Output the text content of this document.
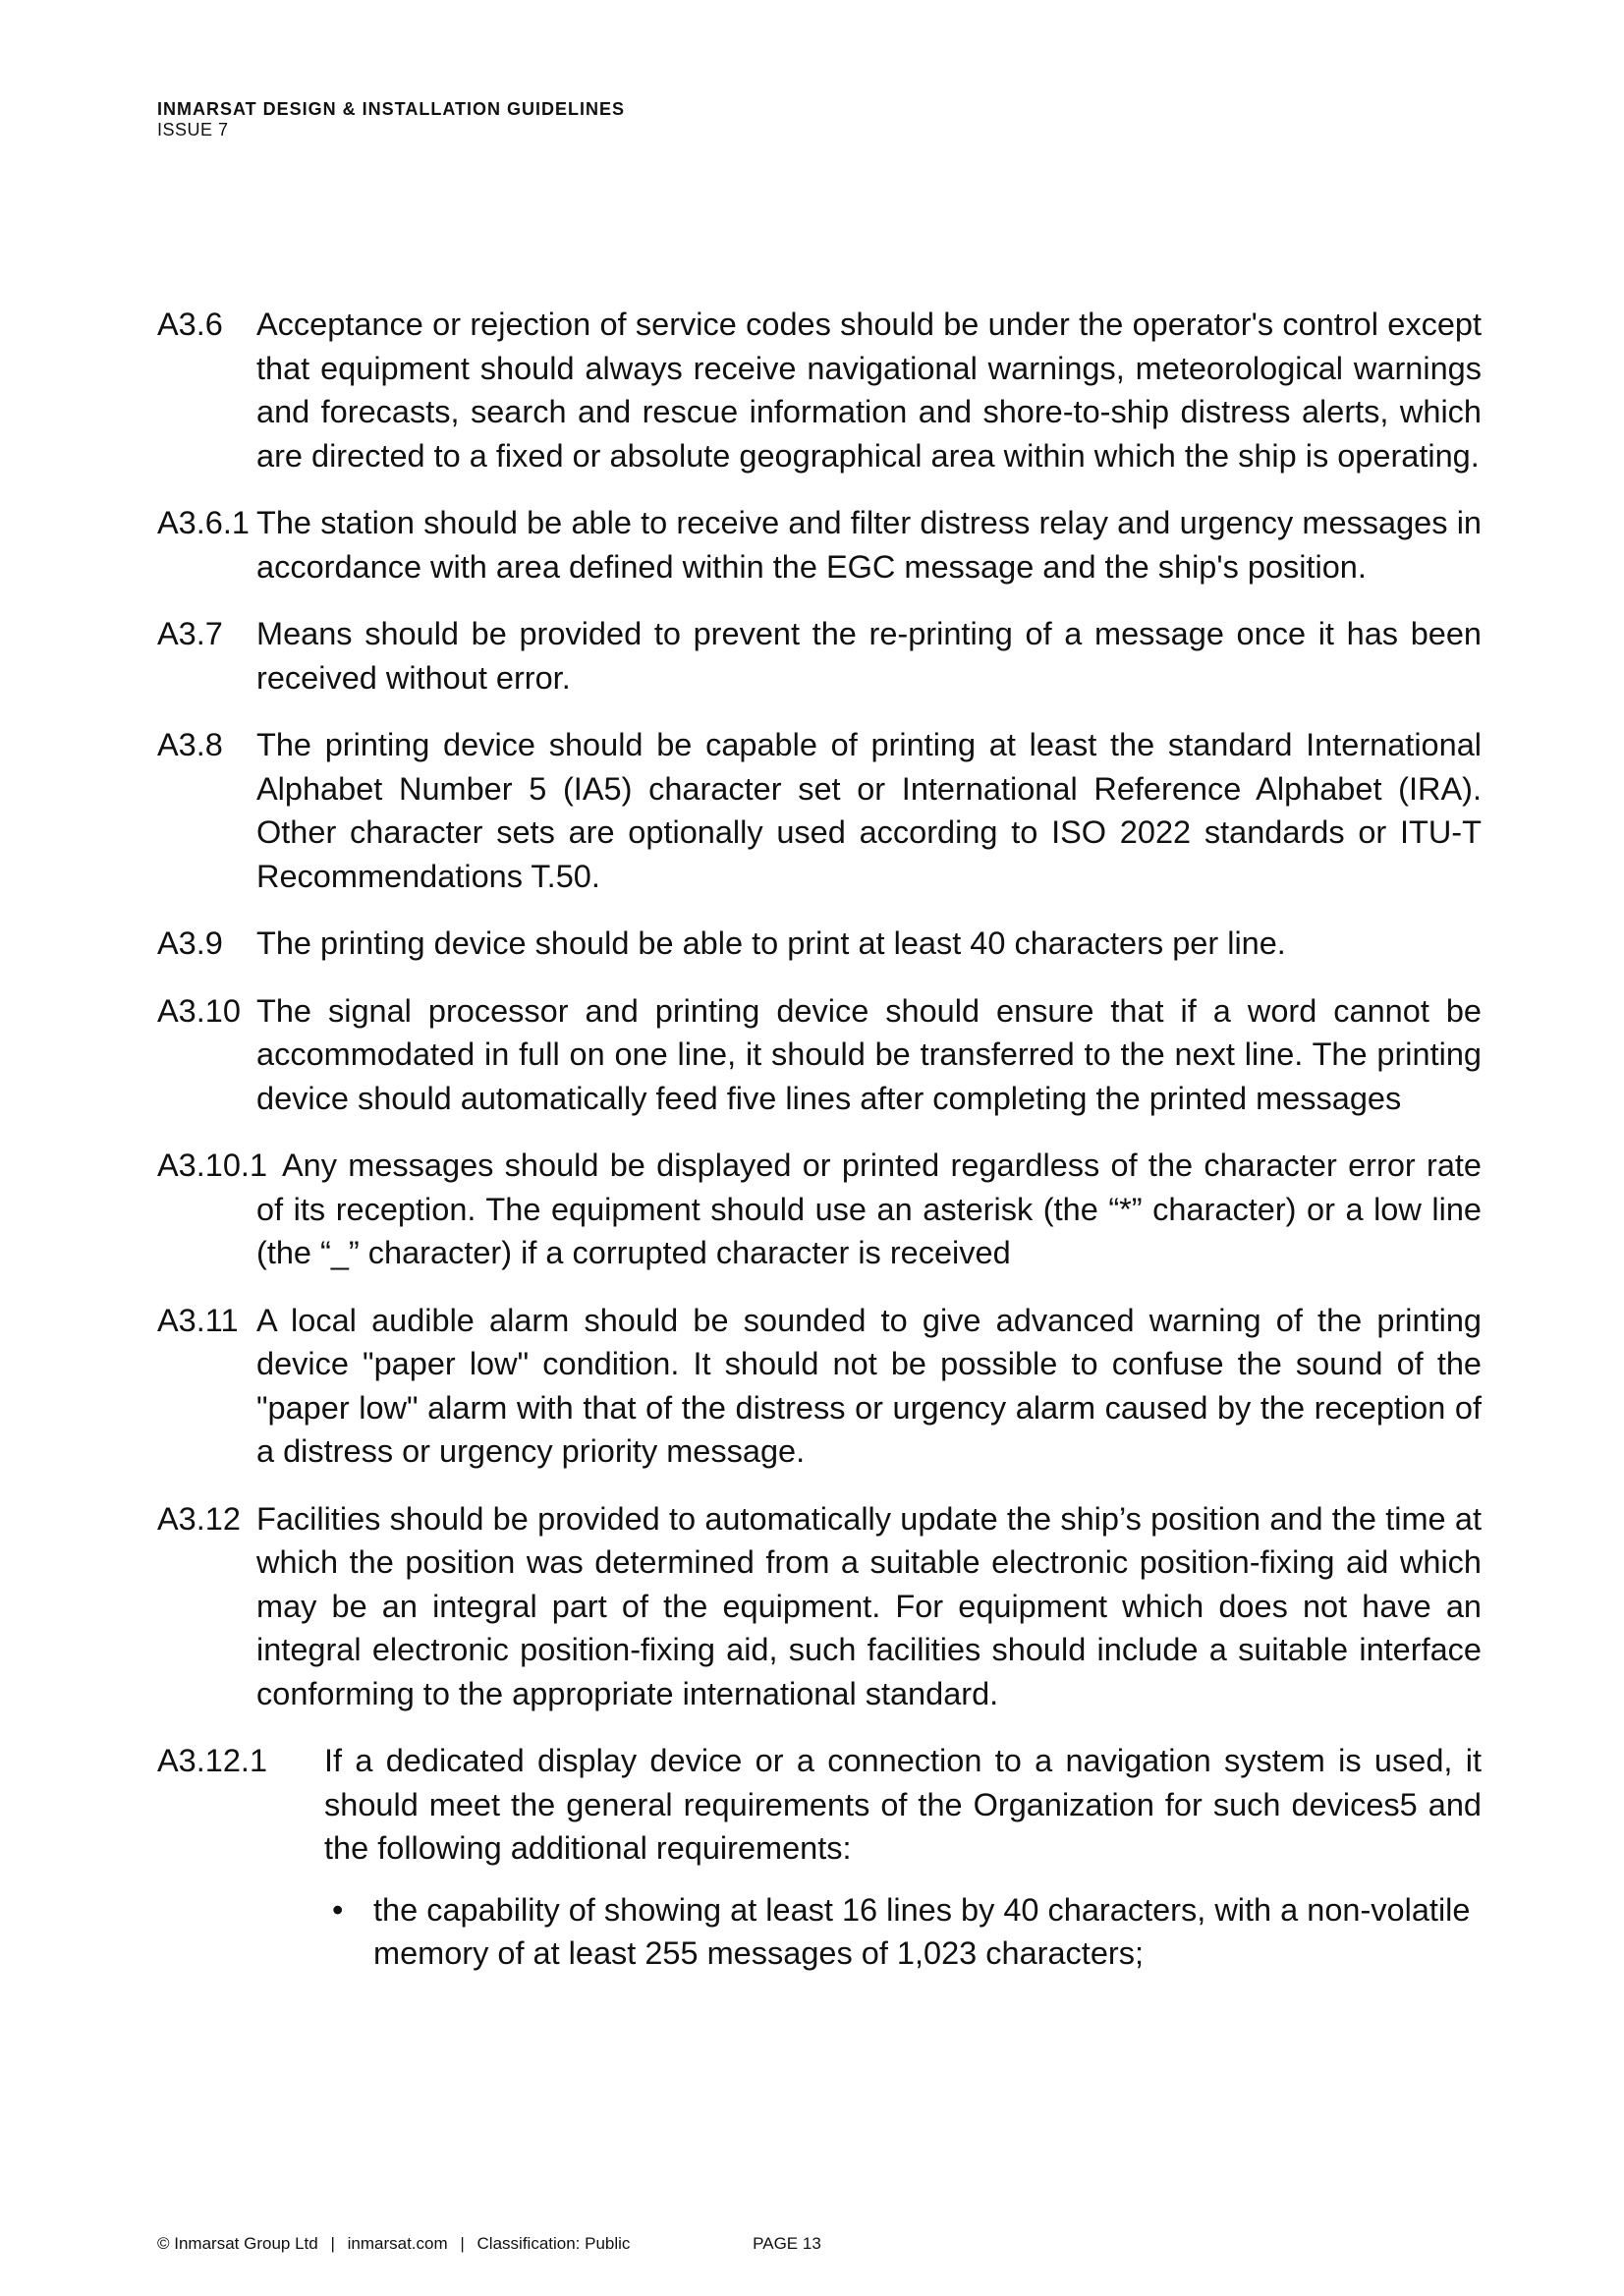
INMARSAT DESIGN & INSTALLATION GUIDELINES
ISSUE 7
A3.6 Acceptance or rejection of service codes should be under the operator's control except that equipment should always receive navigational warnings, meteorological warnings and forecasts, search and rescue information and shore-to-ship distress alerts, which are directed to a fixed or absolute geographical area within which the ship is operating.
A3.6.1 The station should be able to receive and filter distress relay and urgency messages in accordance with area defined within the EGC message and the ship's position.
A3.7 Means should be provided to prevent the re-printing of a message once it has been received without error.
A3.8 The printing device should be capable of printing at least the standard International Alphabet Number 5 (IA5) character set or International Reference Alphabet (IRA). Other character sets are optionally used according to ISO 2022 standards or ITU-T Recommendations T.50.
A3.9 The printing device should be able to print at least 40 characters per line.
A3.10 The signal processor and printing device should ensure that if a word cannot be accommodated in full on one line, it should be transferred to the next line. The printing device should automatically feed five lines after completing the printed messages
A3.10.1 Any messages should be displayed or printed regardless of the character error rate of its reception. The equipment should use an asterisk (the “*” character) or a low line (the “_” character) if a corrupted character is received
A3.11 A local audible alarm should be sounded to give advanced warning of the printing device "paper low" condition. It should not be possible to confuse the sound of the "paper low" alarm with that of the distress or urgency alarm caused by the reception of a distress or urgency priority message.
A3.12 Facilities should be provided to automatically update the ship’s position and the time at which the position was determined from a suitable electronic position-fixing aid which may be an integral part of the equipment. For equipment which does not have an integral electronic position-fixing aid, such facilities should include a suitable interface conforming to the appropriate international standard.
A3.12.1 If a dedicated display device or a connection to a navigation system is used, it should meet the general requirements of the Organization for such devices5 and the following additional requirements:
• the capability of showing at least 16 lines by 40 characters, with a non-volatile memory of at least 255 messages of 1,023 characters;
© Inmarsat Group Ltd | inmarsat.com | Classification: Public	PAGE 13
